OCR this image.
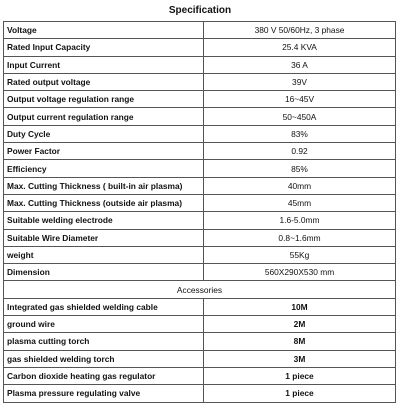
Specification
Voltage	380 V 50/60Hz, 3 phase
Rated Input Capacity	25.4 KVA
Input Current	36 A
Rated output voltage	39V
Output voltage regulation range	16~45V
Output current regulation range	50~450A
Duty Cycle	83%
Power Factor	0.92
Efficiency	85%
Max. Cutting Thickness ( built-in air plasma)	40mm
Max. Cutting Thickness (outside air plasma)	45mm
Suitable welding electrode	1.6-5.0mm
Suitable Wire Diameter	0.8~1.6mm
weight	55Kg
Dimension	560X290X530 mm
Accessories	
Integrated gas shielded welding cable	10M
ground wire	2M
plasma cutting torch	8M
gas shielded welding torch	3M
Carbon dioxide heating gas regulator	1 piece
Plasma pressure regulating valve	1 piece
